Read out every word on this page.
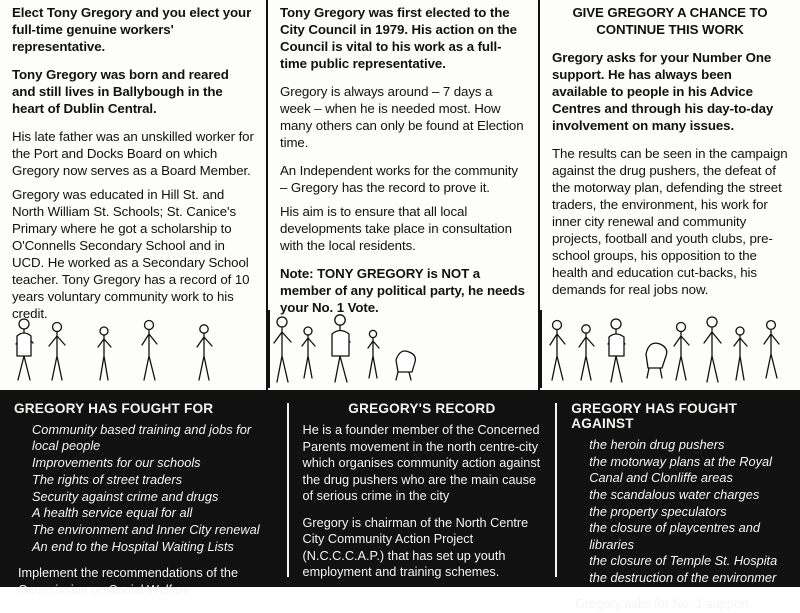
Elect Tony Gregory and you elect your full-time genuine workers' representative.

Tony Gregory was born and reared and still lives in Ballybough in the heart of Dublin Central.

His late father was an unskilled worker for the Port and Docks Board on which Gregory now serves as a Board Member.

Gregory was educated in Hill St. and North William St. Schools; St. Canice's Primary where he got a scholarship to O'Connells Secondary School and in UCD. He worked as a Secondary School teacher. Tony Gregory has a record of 10 years voluntary community work to his credit.

Tony Gregory was first elected to the City Council in 1979. His action on the Council is vital to his work as a full-time public representative.

Gregory is always around – 7 days a week – when he is needed most. How many others can only be found at Election time.

An Independent works for the community – Gregory has the record to prove it.

His aim is to ensure that all local developments take place in consultation with the local residents.

Note: TONY GREGORY is NOT a member of any political party, he needs your No. 1 Vote.

GIVE GREGORY A CHANCE TO CONTINUE THIS WORK

Gregory asks for your Number One support. He has always been available to people in his Advice Centres and through his day-to-day involvement on many issues.

The results can be seen in the campaign against the drug pushers, the defeat of the motorway plan, defending the street traders, the environment, his work for inner city renewal and community projects, football and youth clubs, pre-school groups, his opposition to the health and education cut-backs, his demands for real jobs now.

GREGORY HAS FOUGHT FOR
Community based training and jobs for local people
Improvements for our schools
The rights of street traders
Security against crime and drugs
A health service equal for all
The environment and Inner City renewal
An end to the Hospital Waiting Lists

Implement the recommendations of the Commission on Social Welfare

GREGORY'S RECORD

He is a founder member of the Concerned Parents movement in the north centre-city which organises community action against the drug pushers who are the main cause of serious crime in the city

Gregory is chairman of the North Centre City Community Action Project (N.C.C.C.A.P.) that has set up youth employment and training schemes.

GREGORY HAS FOUGHT AGAINST
the heroin drug pushers
the motorway plans at the Royal Canal and Clonliffe areas
the scandalous water charges
the property speculators
the closure of playcentres and libraries
the closure of Temple St. Hospita
the destruction of the environmer

Gregory asks for No. 1 support.
